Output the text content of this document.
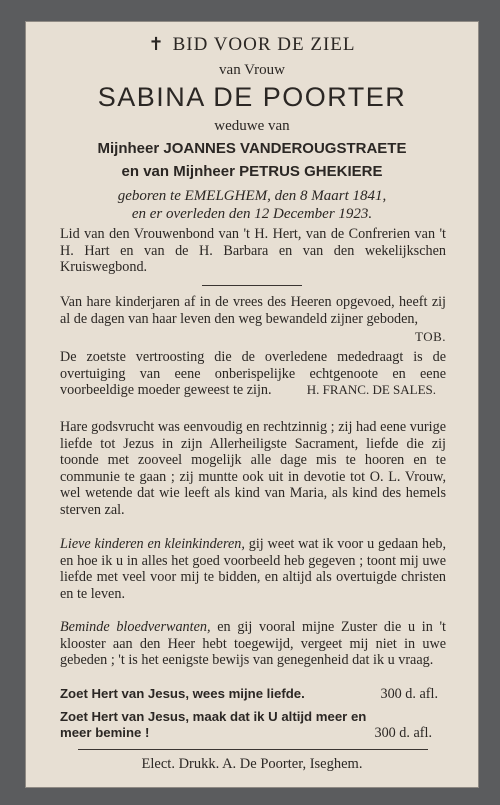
✝ BID VOOR DE ZIEL
van Vrouw
SABINA DE POORTER
weduwe van
Mijnheer JOANNES VANDEROUGSTRAETE
en van Mijnheer PETRUS GHEKIERE
geboren te EMELGHEM, den 8 Maart 1841,
en er overleden den 12 December 1923.
Lid van den Vrouwenbond van 't H. Hert, van de Confrerien van 't H. Hart en van de H. Barbara en van den wekelijkschen Kruiswegbond.
Van hare kinderjaren af in de vrees des Heeren opgevoed, heeft zij al de dagen van haar leven den weg bewandeld zijner geboden,
TOB.
De zoetste vertroosting die de overledene mededraagt is de overtuiging van eene onberispelijke echtgenoote en eene voorbeeldige moeder geweest te zijn.	H. FRANC. DE SALES.
Hare godsvrucht was eenvoudig en rechtzinnig ; zij had eene vurige liefde tot Jezus in zijn Allerheiligste Sacrament, liefde die zij toonde met zooveel mogelijk alle dage mis te hooren en te communie te gaan ; zij muntte ook uit in devotie tot O. L. Vrouw, wel wetende dat wie leeft als kind van Maria, als kind des hemels sterven zal.
Lieve kinderen en kleinkinderen, gij weet wat ik voor u gedaan heb, en hoe ik u in alles het goed voorbeeld heb gegeven ; toont mij uwe liefde met veel voor mij te bidden, en altijd als overtuigde christen en te leven.
Beminde bloedverwanten, en gij vooral mijne Zuster die u in 't klooster aan den Heer hebt toegewijd, vergeet mij niet in uwe gebeden ; 't is het eenigste bewijs van genegenheid dat ik u vraag.
Zoet Hert van Jesus, wees mijne liefde.	300 d. afl.
Zoet Hert van Jesus, maak dat ik U altijd meer en
meer bemine !	300 d. afl.
Elect. Drukk. A. De Poorter, Iseghem.
